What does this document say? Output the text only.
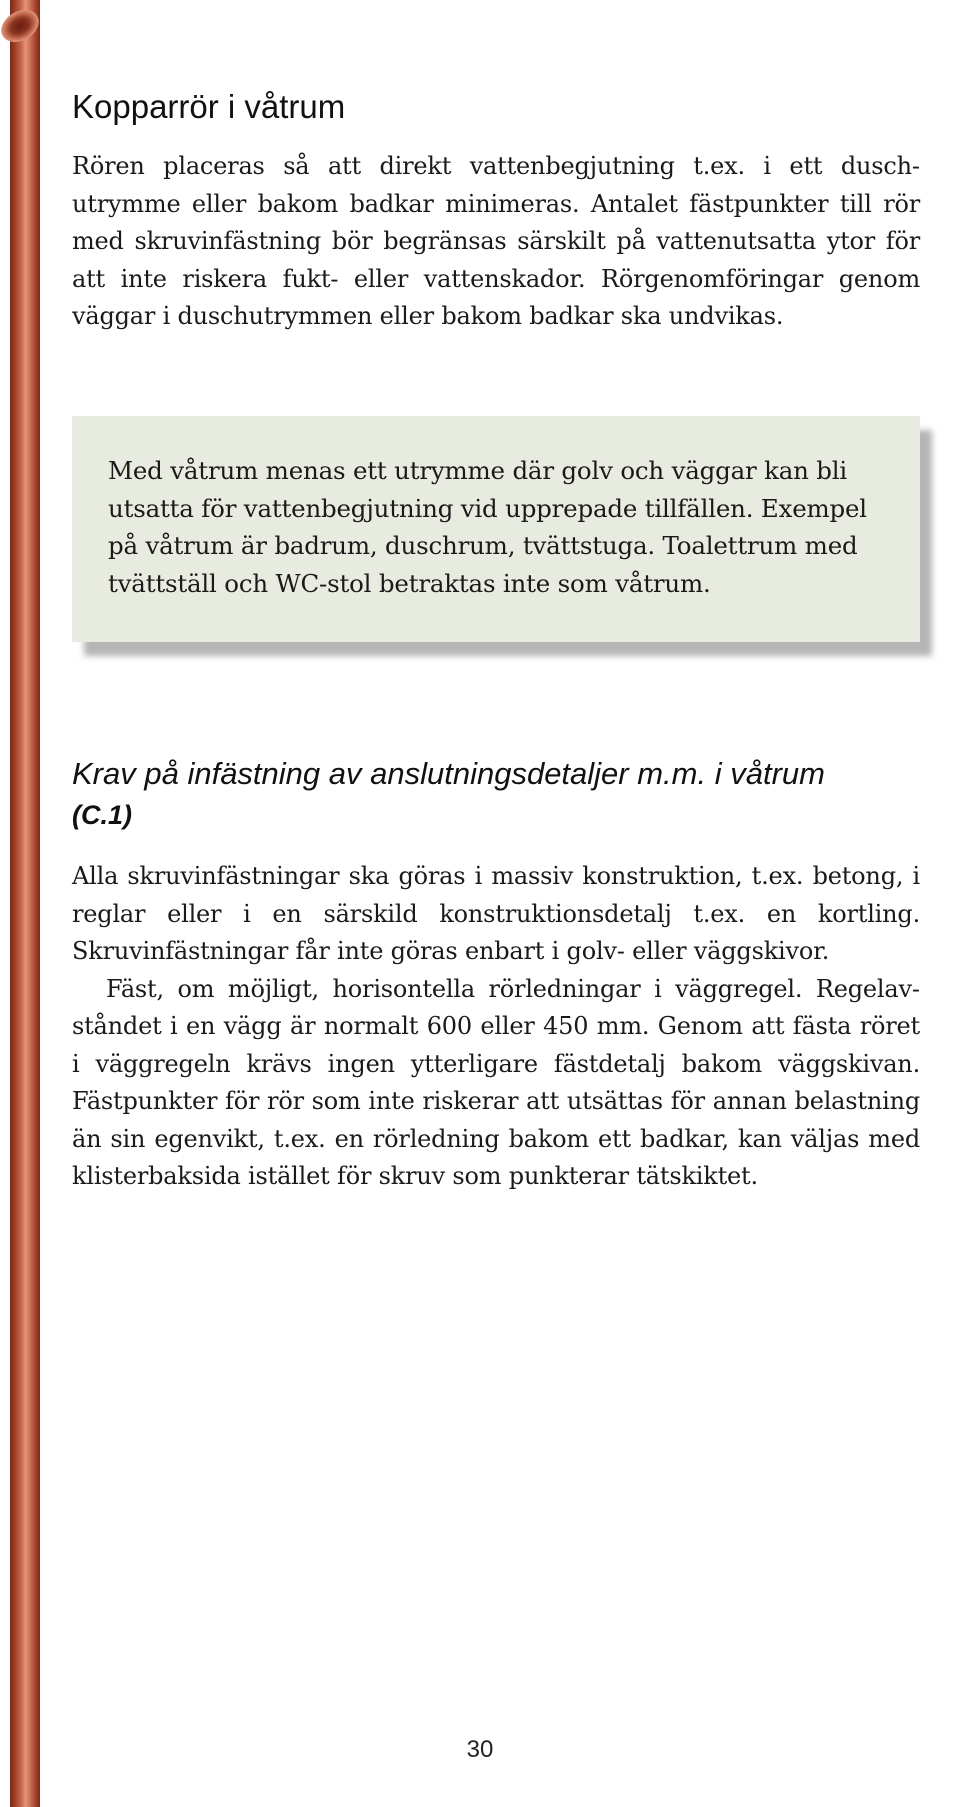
Kopparrör i våtrum

Rören placeras så att direkt vattenbegjutning t.ex. i ett duschutrymme eller bakom badkar minimeras. Antalet fästpunkter till rör med skruvinfästning bör begränsas särskilt på vattenutsatta ytor för att inte riskera fukt- eller vattenskador. Rörgenomföringar genom väggar i duschutrymmen eller bakom badkar ska undvikas.

Med våtrum menas ett utrymme där golv och väggar kan bli utsatta för vattenbegjutning vid upprepade tillfällen. Exempel på våtrum är badrum, duschrum, tvättstuga. Toalettrum med tvättställ och WC-stol betraktas inte som våtrum.

Krav på infästning av anslutningsdetaljer m.m. i våtrum
(C.1)

Alla skruvinfästningar ska göras i massiv konstruktion, t.ex. betong, i reglar eller i en särskild konstruktionsdetalj t.ex. en kortling. Skruvinfästningar får inte göras enbart i golv- eller väggskivor.

Fäst, om möjligt, horisontella rörledningar i väggregel. Regelavståndet i en vägg är normalt 600 eller 450 mm. Genom att fästa röret i väggregeln krävs ingen ytterligare fästdetalj bakom väggskivan. Fästpunkter för rör som inte riskerar att utsättas för annan belastning än sin egenvikt, t.ex. en rörledning bakom ett badkar, kan väljas med klisterbaksida istället för skruv som punkterar tätskiktet.

30
